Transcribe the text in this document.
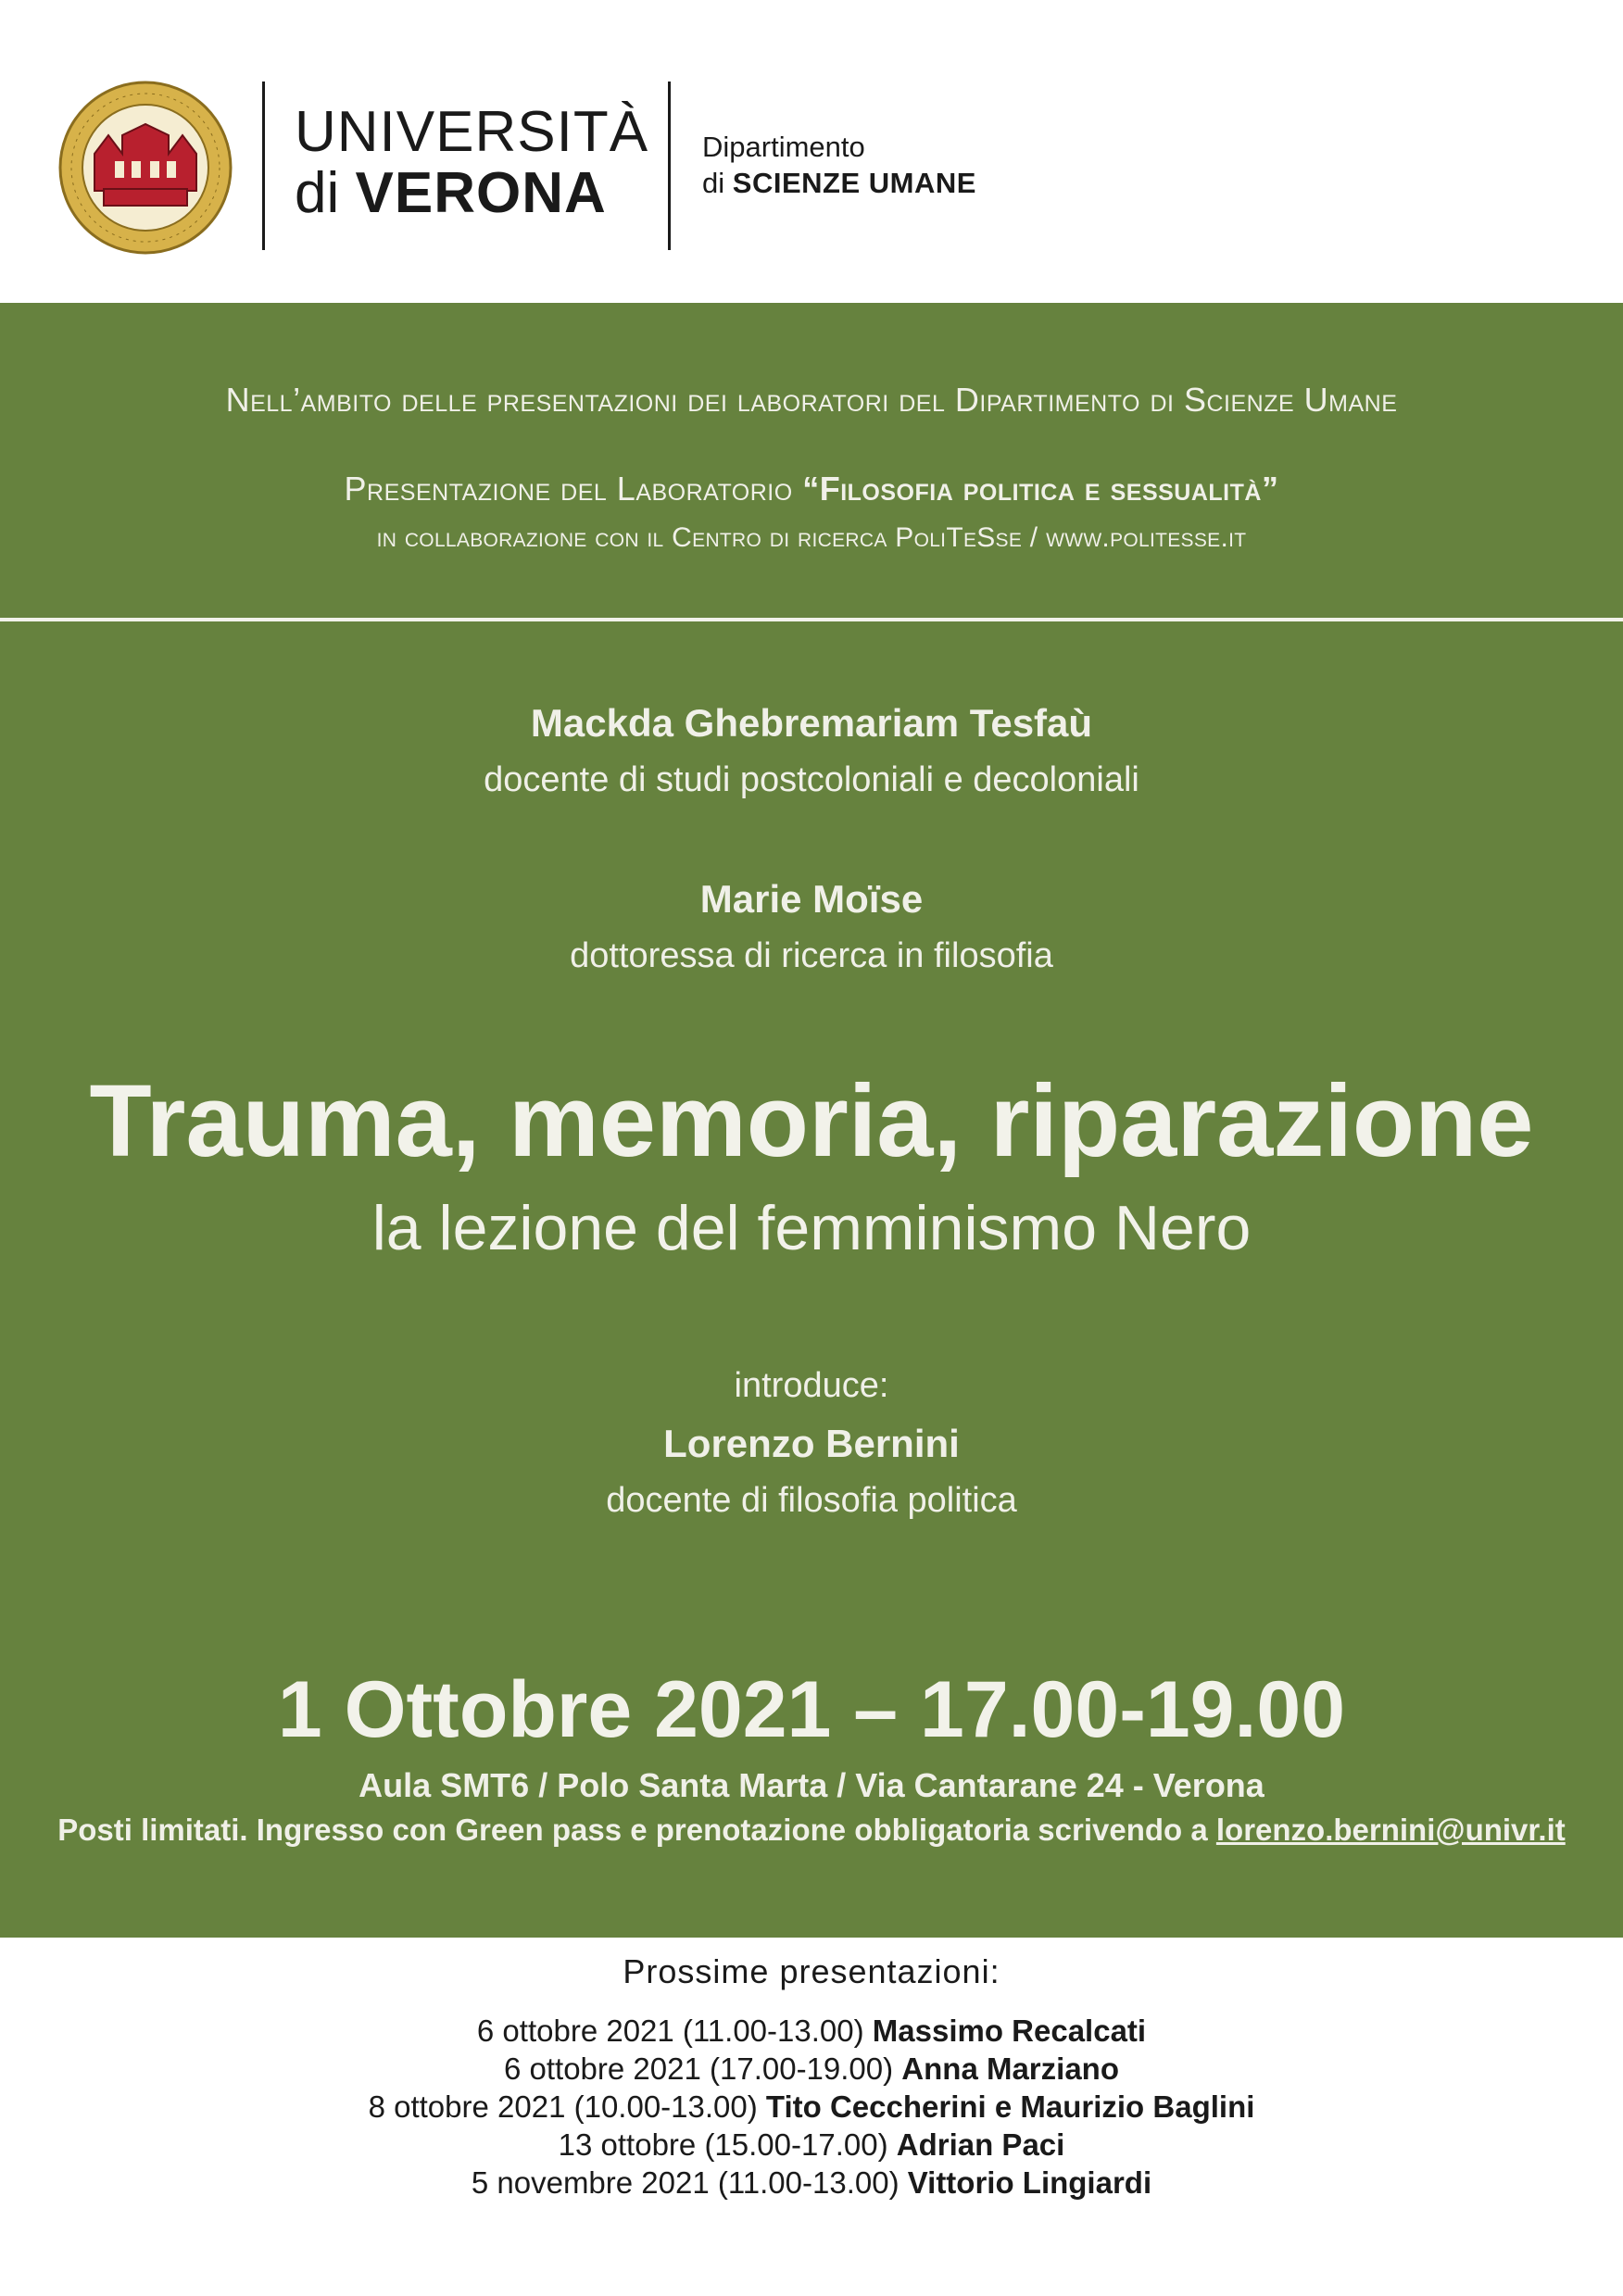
UNIVERSITÀ
di VERONA
Dipartimento
di SCIENZE UMANE
Nell’ambito delle presentazioni dei laboratori del Dipartimento di Scienze Umane
Presentazione del Laboratorio “Filosofia politica e sessualità”
in collaborazione con il Centro di ricerca PoliTeSse / www.politesse.it
Mackda Ghebremariam Tesfaù
docente di studi postcoloniali e decoloniali
Marie Moïse
dottoressa di ricerca in filosofia
Trauma, memoria, riparazione
la lezione del femminismo Nero
introduce:
Lorenzo Bernini
docente di filosofia politica
1 Ottobre 2021 – 17.00-19.00
Aula SMT6 / Polo Santa Marta / Via Cantarane 24 - Verona
Posti limitati. Ingresso con Green pass e prenotazione obbligatoria scrivendo a lorenzo.bernini@univr.it
Prossime presentazioni:
6 ottobre 2021 (11.00-13.00) Massimo Recalcati
6 ottobre 2021 (17.00-19.00) Anna Marziano
8 ottobre 2021 (10.00-13.00) Tito Ceccherini e Maurizio Baglini
13 ottobre (15.00-17.00) Adrian Paci
5 novembre 2021 (11.00-13.00) Vittorio Lingiardi
